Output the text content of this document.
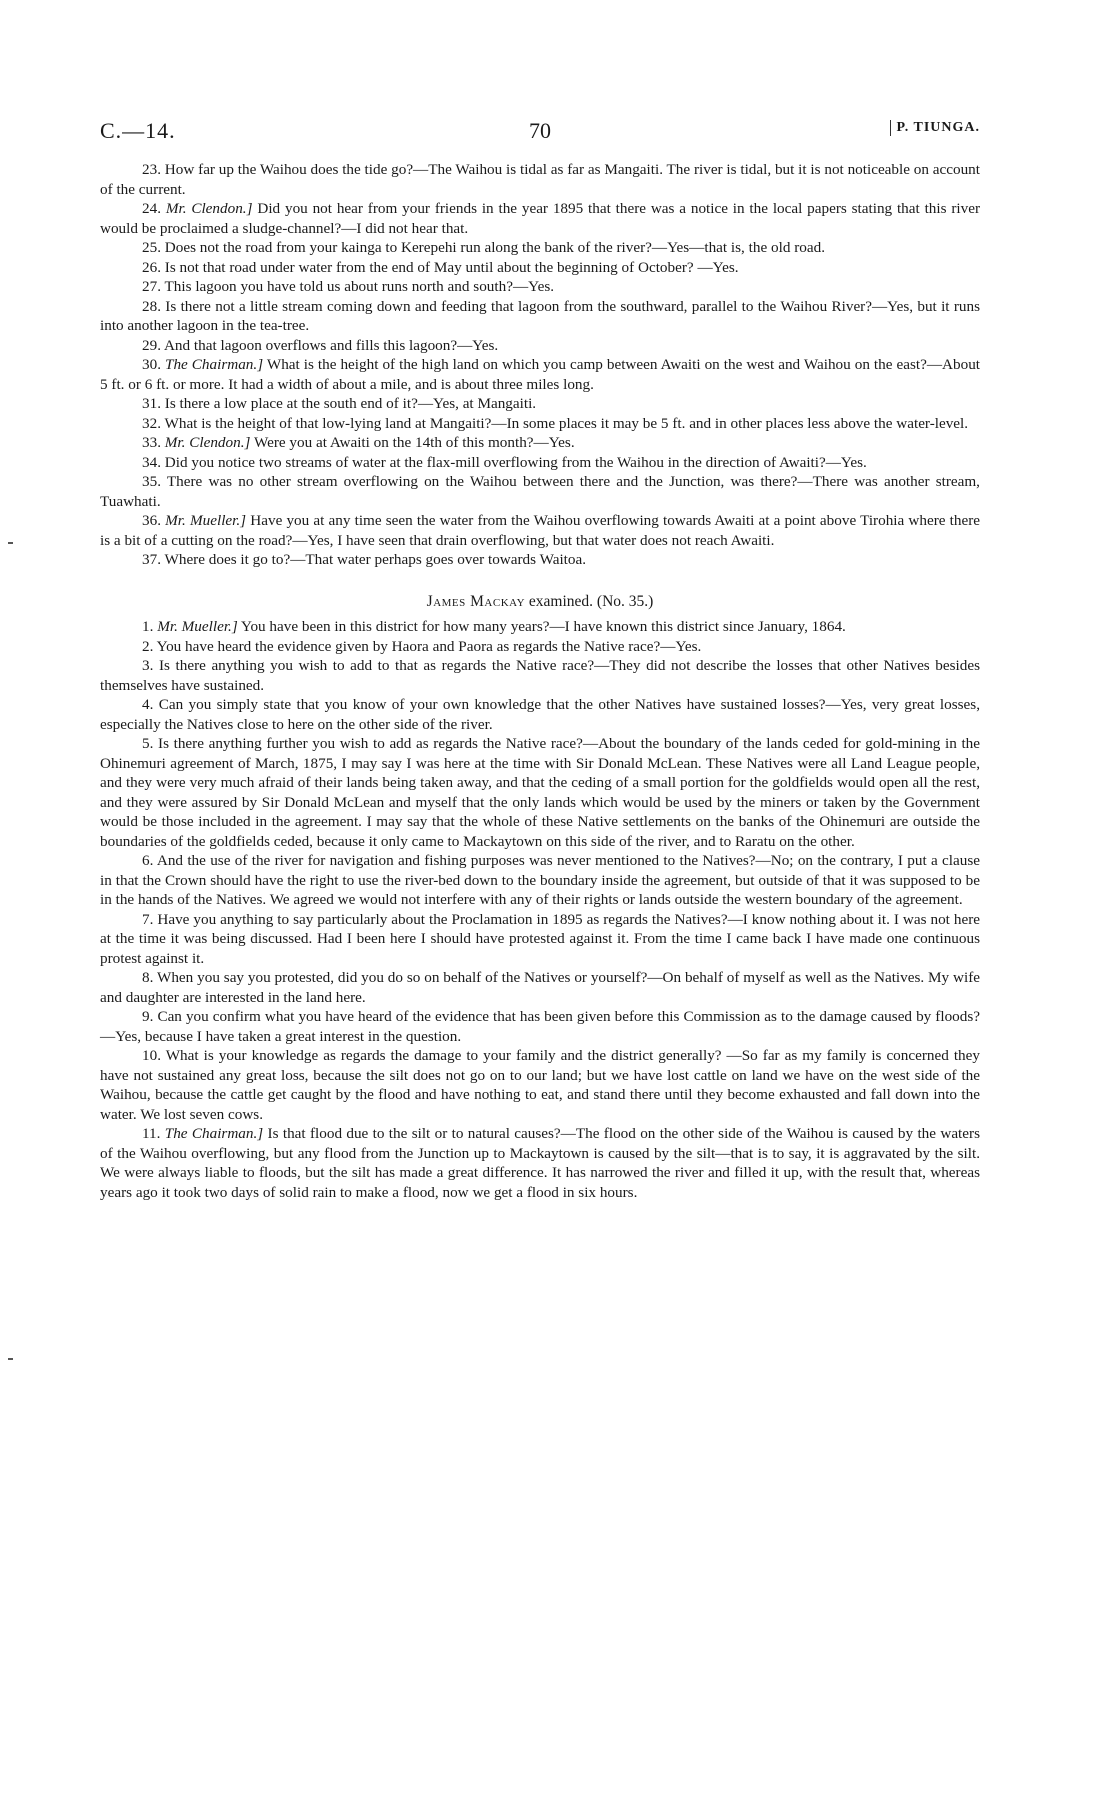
C.—14.	70	P. TIUNGA.

23. How far up the Waihou does the tide go?—The Waihou is tidal as far as Mangaiti. The river is tidal, but it is not noticeable on account of the current.

24. Mr. Clendon.] Did you not hear from your friends in the year 1895 that there was a notice in the local papers stating that this river would be proclaimed a sludge-channel?—I did not hear that.

25. Does not the road from your kainga to Kerepehi run along the bank of the river?—Yes—that is, the old road.

26. Is not that road under water from the end of May until about the beginning of October? —Yes.

27. This lagoon you have told us about runs north and south?—Yes.

28. Is there not a little stream coming down and feeding that lagoon from the southward, parallel to the Waihou River?—Yes, but it runs into another lagoon in the tea-tree.

29. And that lagoon overflows and fills this lagoon?—Yes.

30. The Chairman.] What is the height of the high land on which you camp between Awaiti on the west and Waihou on the east?—About 5 ft. or 6 ft. or more. It had a width of about a mile, and is about three miles long.

31. Is there a low place at the south end of it?—Yes, at Mangaiti.

32. What is the height of that low-lying land at Mangaiti?—In some places it may be 5 ft. and in other places less above the water-level.

33. Mr. Clendon.] Were you at Awaiti on the 14th of this month?—Yes.

34. Did you notice two streams of water at the flax-mill overflowing from the Waihou in the direction of Awaiti?—Yes.

35. There was no other stream overflowing on the Waihou between there and the Junction, was there?—There was another stream, Tuawhati.

36. Mr. Mueller.] Have you at any time seen the water from the Waihou overflowing towards Awaiti at a point above Tirohia where there is a bit of a cutting on the road?—Yes, I have seen that drain overflowing, but that water does not reach Awaiti.

37. Where does it go to?—That water perhaps goes over towards Waitoa.

James Mackay examined. (No. 35.)

1. Mr. Mueller.] You have been in this district for how many years?—I have known this district since January, 1864.

2. You have heard the evidence given by Haora and Paora as regards the Native race?—Yes.

3. Is there anything you wish to add to that as regards the Native race?—They did not describe the losses that other Natives besides themselves have sustained.

4. Can you simply state that you know of your own knowledge that the other Natives have sustained losses?—Yes, very great losses, especially the Natives close to here on the other side of the river.

5. Is there anything further you wish to add as regards the Native race?—About the boundary of the lands ceded for gold-mining in the Ohinemuri agreement of March, 1875, I may say I was here at the time with Sir Donald McLean. These Natives were all Land League people, and they were very much afraid of their lands being taken away, and that the ceding of a small portion for the goldfields would open all the rest, and they were assured by Sir Donald McLean and myself that the only lands which would be used by the miners or taken by the Government would be those included in the agreement. I may say that the whole of these Native settlements on the banks of the Ohinemuri are outside the boundaries of the goldfields ceded, because it only came to Mackaytown on this side of the river, and to Raratu on the other.

6. And the use of the river for navigation and fishing purposes was never mentioned to the Natives?—No; on the contrary, I put a clause in that the Crown should have the right to use the river-bed down to the boundary inside the agreement, but outside of that it was supposed to be in the hands of the Natives. We agreed we would not interfere with any of their rights or lands outside the western boundary of the agreement.

7. Have you anything to say particularly about the Proclamation in 1895 as regards the Natives?—I know nothing about it. I was not here at the time it was being discussed. Had I been here I should have protested against it. From the time I came back I have made one continuous protest against it.

8. When you say you protested, did you do so on behalf of the Natives or yourself?—On behalf of myself as well as the Natives. My wife and daughter are interested in the land here.

9. Can you confirm what you have heard of the evidence that has been given before this Commission as to the damage caused by floods?—Yes, because I have taken a great interest in the question.

10. What is your knowledge as regards the damage to your family and the district generally? —So far as my family is concerned they have not sustained any great loss, because the silt does not go on to our land; but we have lost cattle on land we have on the west side of the Waihou, because the cattle get caught by the flood and have nothing to eat, and stand there until they become exhausted and fall down into the water. We lost seven cows.

11. The Chairman.] Is that flood due to the silt or to natural causes?—The flood on the other side of the Waihou is caused by the waters of the Waihou overflowing, but any flood from the Junction up to Mackaytown is caused by the silt—that is to say, it is aggravated by the silt. We were always liable to floods, but the silt has made a great difference. It has narrowed the river and filled it up, with the result that, whereas years ago it took two days of solid rain to make a flood, now we get a flood in six hours.
